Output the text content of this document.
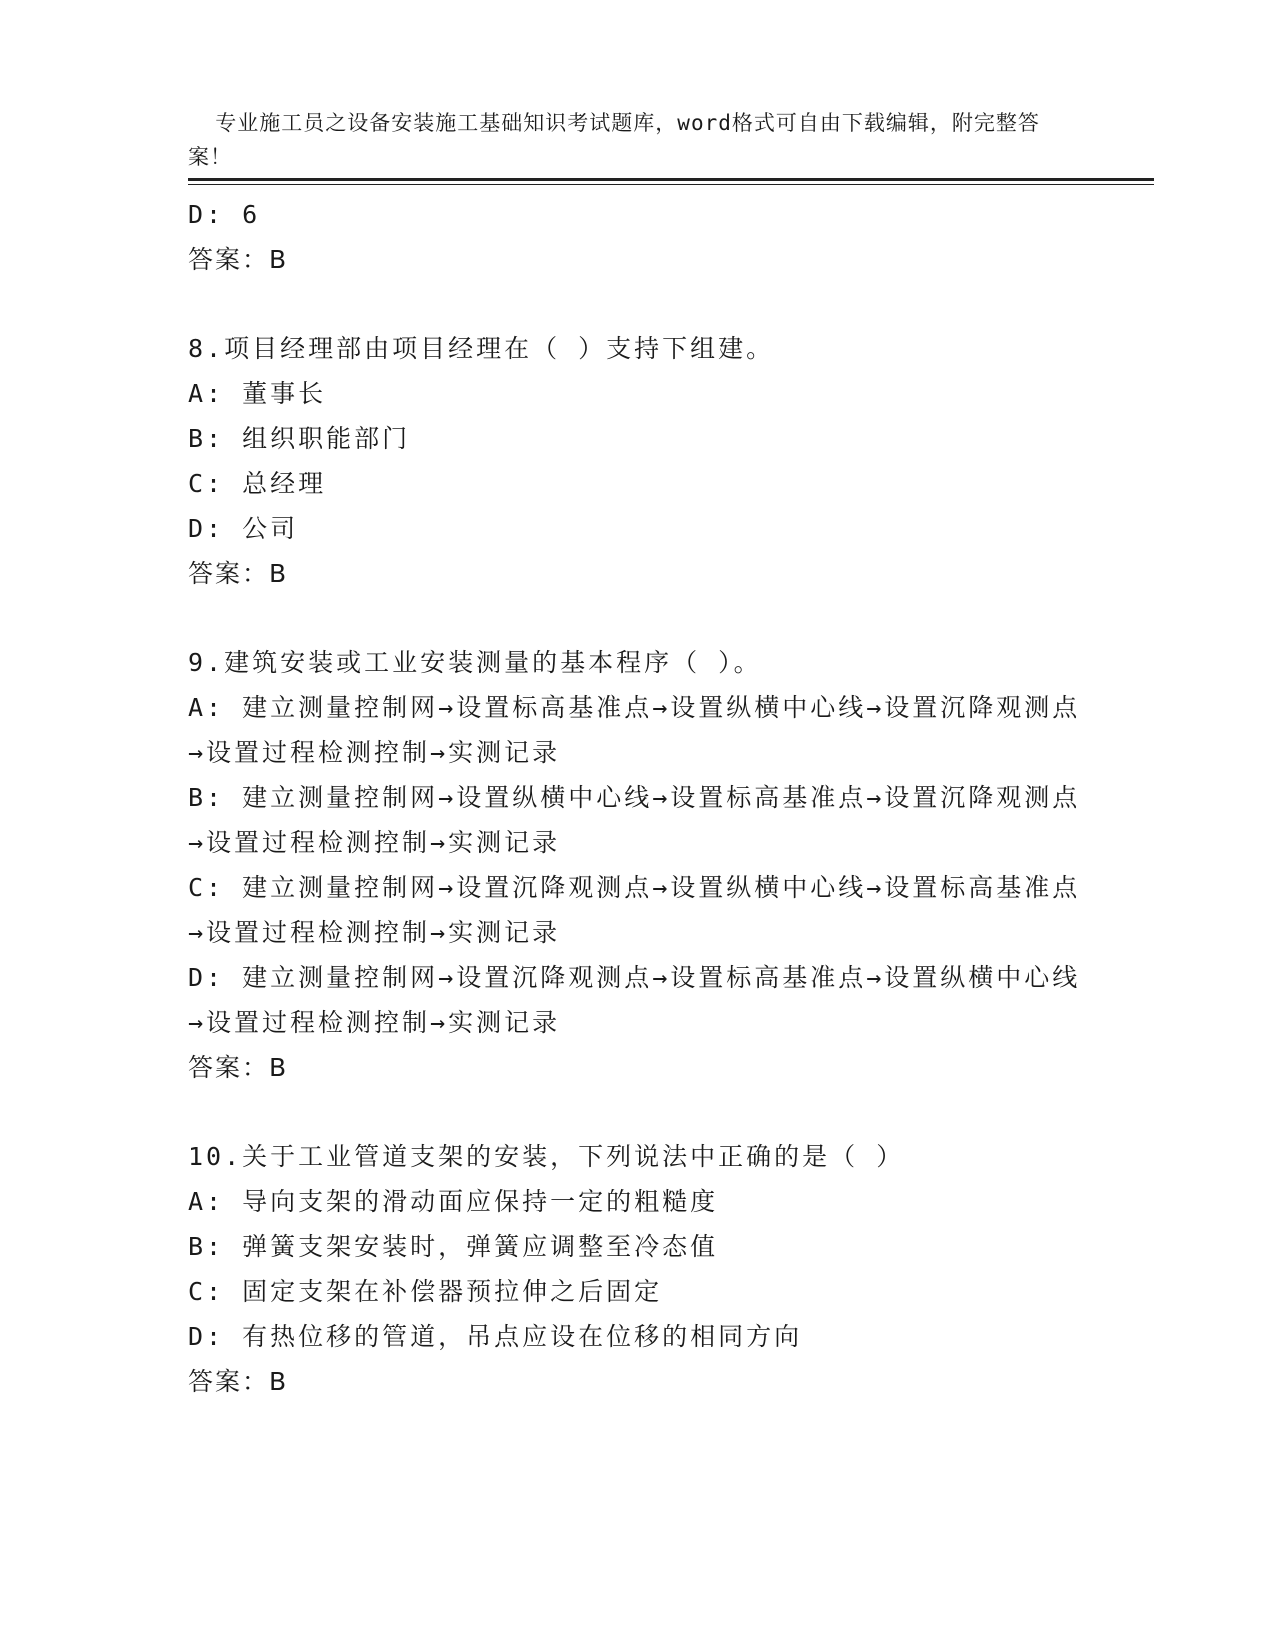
专业施工员之设备安装施工基础知识考试题库，word格式可自由下载编辑，附完整答案！

D: 6
答案：B
8.项目经理部由项目经理在（ ）支持下组建。
A: 董事长
B: 组织职能部门
C: 总经理
D: 公司
答案：B
9.建筑安装或工业安装测量的基本程序（ ）。
A: 建立测量控制网→设置标高基准点→设置纵横中心线→设置沉降观测点→设置过程检测控制→实测记录
B: 建立测量控制网→设置纵横中心线→设置标高基准点→设置沉降观测点→设置过程检测控制→实测记录
C: 建立测量控制网→设置沉降观测点→设置纵横中心线→设置标高基准点→设置过程检测控制→实测记录
D: 建立测量控制网→设置沉降观测点→设置标高基准点→设置纵横中心线→设置过程检测控制→实测记录
答案：B
10.关于工业管道支架的安装，下列说法中正确的是（ ）
A: 导向支架的滑动面应保持一定的粗糙度
B: 弹簧支架安装时，弹簧应调整至冷态值
C: 固定支架在补偿器预拉伸之后固定
D: 有热位移的管道，吊点应设在位移的相同方向
答案：B
